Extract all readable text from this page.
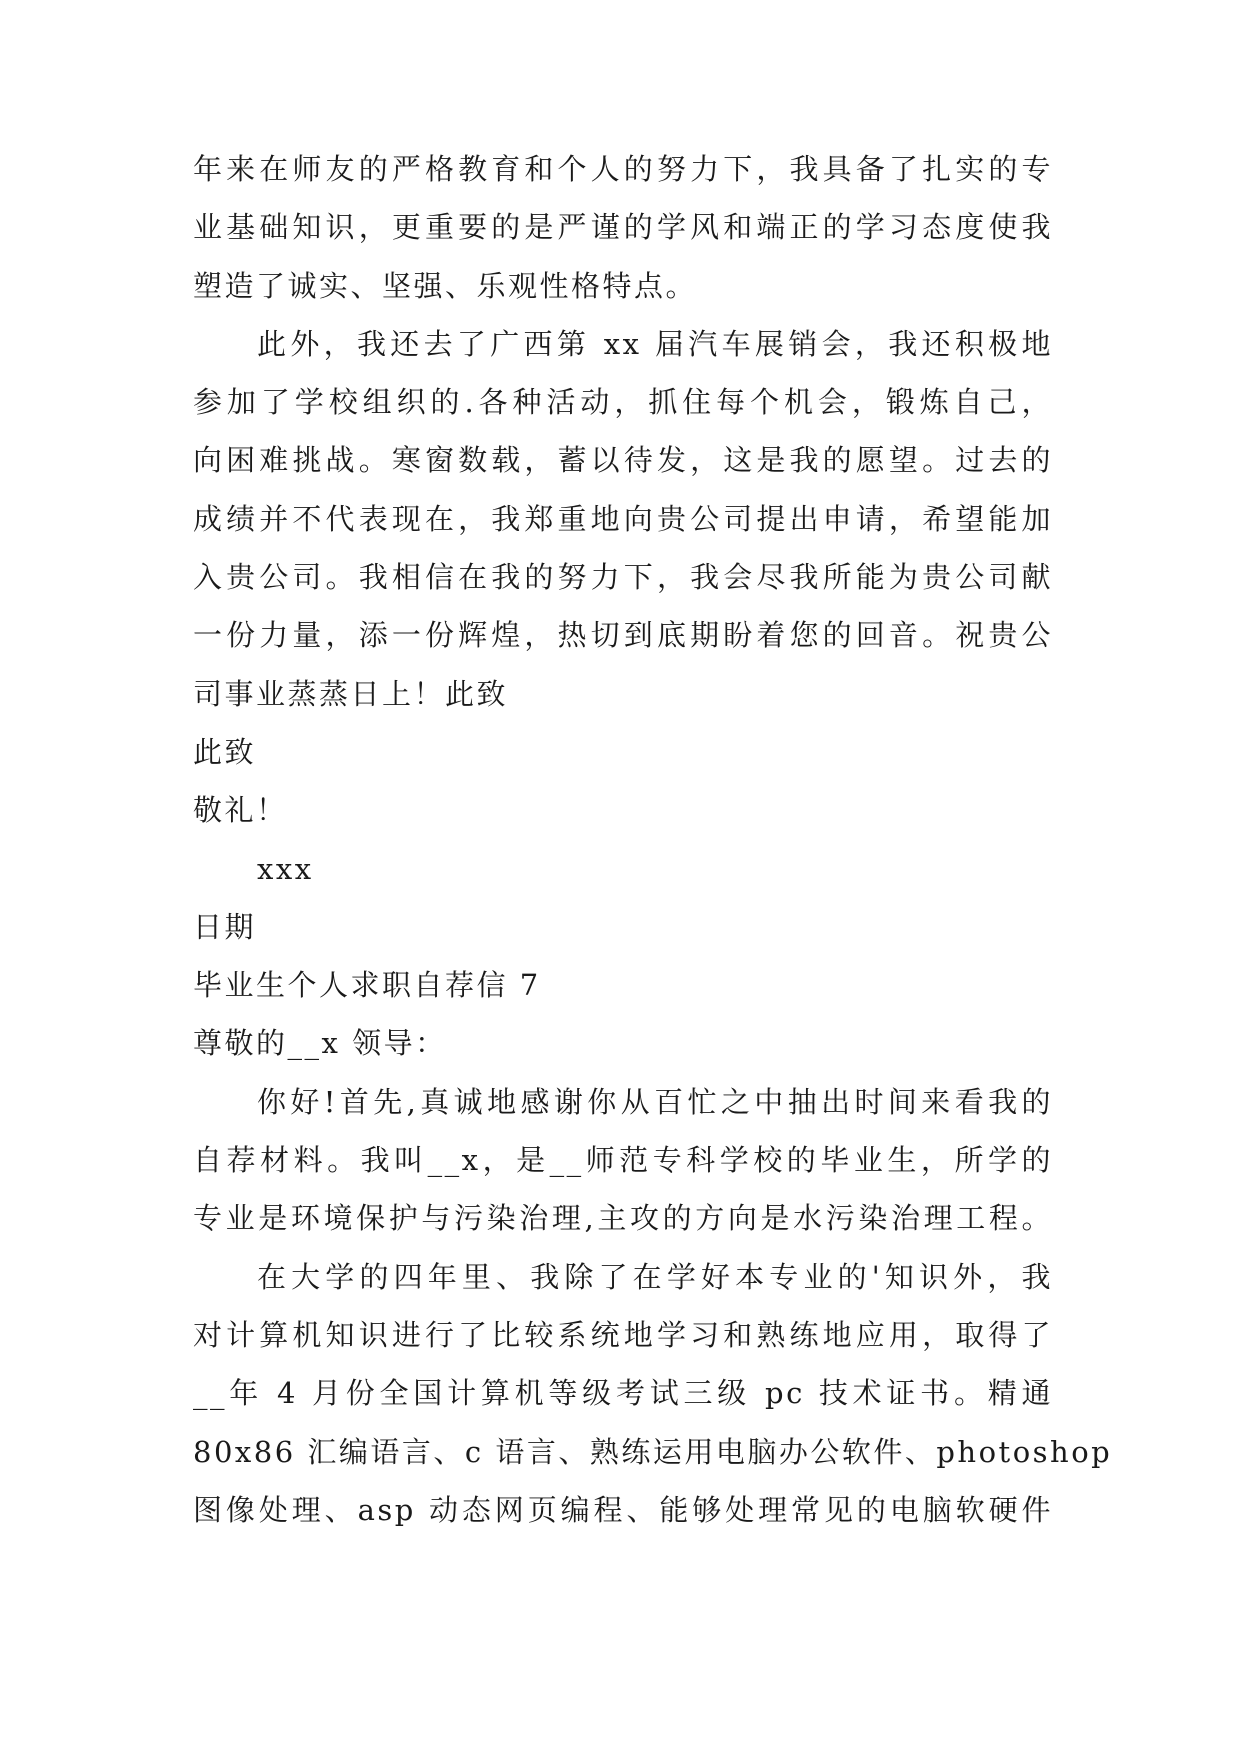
年来在师友的严格教育和个人的努力下，我具备了扎实的专
业基础知识，更重要的是严谨的学风和端正的学习态度使我
塑造了诚实、坚强、乐观性格特点。
此外，我还去了广西第 xx 届汽车展销会，我还积极地
参加了学校组织的.各种活动，抓住每个机会，锻炼自己，
向困难挑战。寒窗数载，蓄以待发，这是我的愿望。过去的
成绩并不代表现在，我郑重地向贵公司提出申请，希望能加
入贵公司。我相信在我的努力下，我会尽我所能为贵公司献
一份力量，添一份辉煌，热切到底期盼着您的回音。祝贵公
司事业蒸蒸日上！此致
此致
敬礼！
xxx
日期
毕业生个人求职自荐信 7
尊敬的__x 领导：
你好!首先,真诚地感谢你从百忙之中抽出时间来看我的
自荐材料。我叫__x，是__师范专科学校的毕业生，所学的
专业是环境保护与污染治理,主攻的方向是水污染治理工程。
在大学的四年里、我除了在学好本专业的'知识外，我
对计算机知识进行了比较系统地学习和熟练地应用，取得了
__年 4 月份全国计算机等级考试三级 pc 技术证书。精通
80x86 汇编语言、c 语言、熟练运用电脑办公软件、photoshop
图像处理、asp 动态网页编程、能够处理常见的电脑软硬件
